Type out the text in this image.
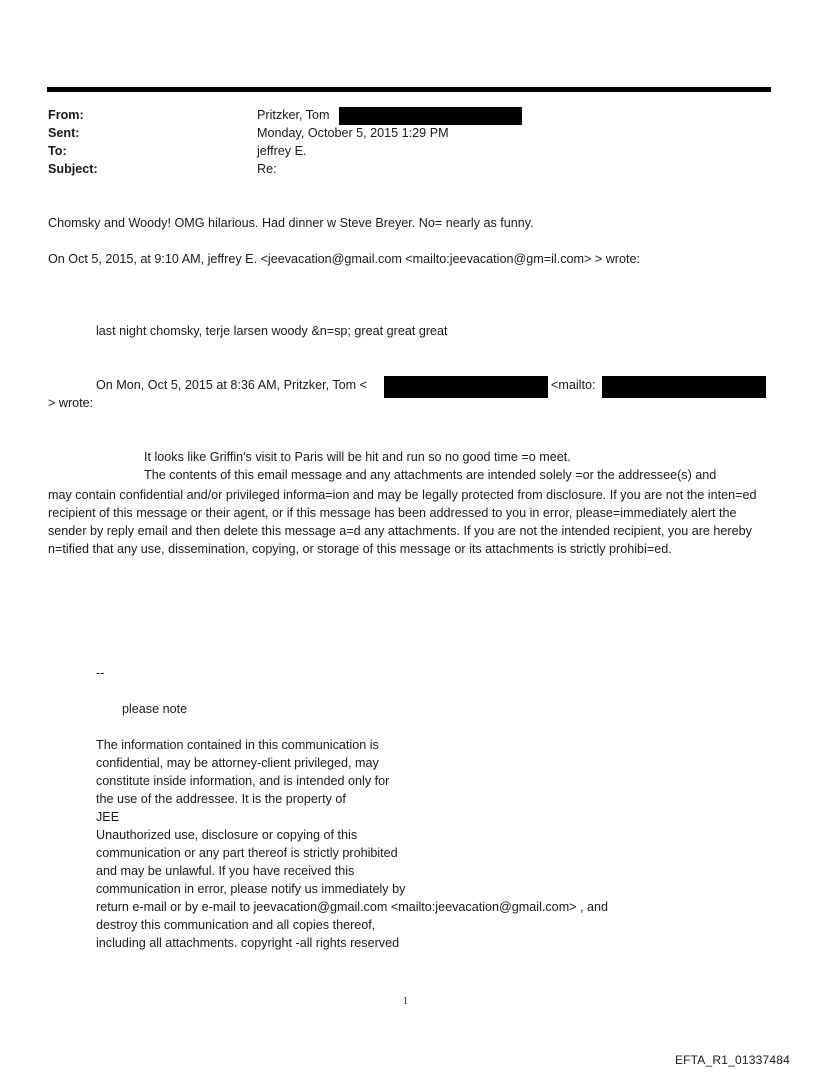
From:	Pritzker, Tom
Sent:	Monday, October 5, 2015 1:29 PM
To:	jeffrey E.
Subject:	Re:
Chomsky and Woody! OMG hilarious. Had dinner w Steve Breyer. No= nearly as funny.
On Oct 5, 2015, at 9:10 AM, jeffrey E. <jeevacation@gmail.com <mailto:jeevacation@gm=il.com> > wrote:
last night chomsky, terje larsen woody &n=sp; great great great
On Mon, Oct 5, 2015 at 8:36 AM, Pritzker, Tom <	<mailto:
> wrote:
It looks like Griffin's visit to Paris will be hit and run so no good time =o meet.
The contents of this email message and any attachments are intended solely =or the addressee(s) and
may contain confidential and/or privileged informa=ion and may be legally protected from disclosure. If you are not the inten=ed recipient of this message or their agent, or if this message has been addressed to you in error, please=immediately alert the sender by reply email and then delete this message a=d any attachments. If you are not the intended recipient, you are hereby n=tified that any use, dissemination, copying, or storage of this message or its attachments is strictly prohibi=ed.
--
please note
The information contained in this communication is
confidential, may be attorney-client privileged, may
constitute inside information, and is intended only for
the use of the addressee. It is the property of
JEE
Unauthorized use, disclosure or copying of this
communication or any part thereof is strictly prohibited
and may be unlawful. If you have received this
communication in error, please notify us immediately by
return e-mail or by e-mail to jeevacation@gmail.com <mailto:jeevacation@gmail.com> , and
destroy this communication and all copies thereof,
including all attachments. copyright -all rights reserved
1
EFTA_R1_01337484
